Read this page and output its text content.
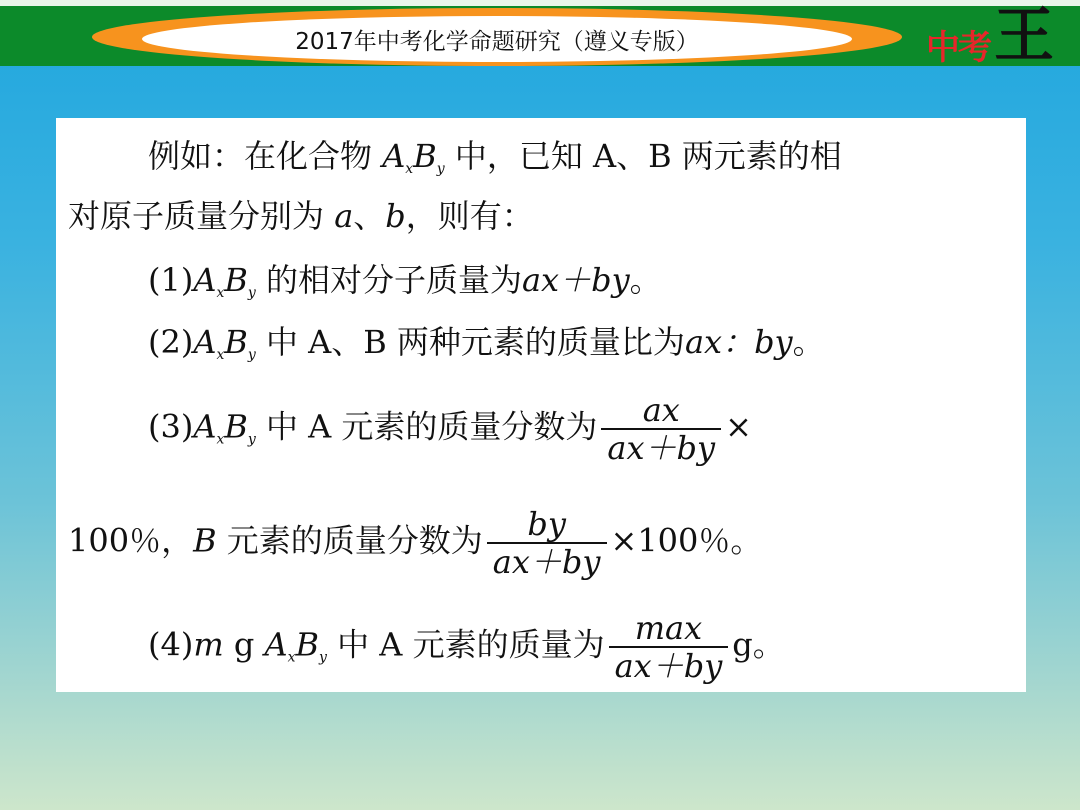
2017年中考化学命题研究（遵义专版）	中考 王
例如：在化合物 $A_xB_y$ 中，已知 A、B 两元素的相
对原子质量分别为 a、b，则有：
$(1)A_xB_y$ 的相对分子质量为ax＋by。
$(2)A_xB_y$ 中 A、B 两种元素的质量比为ax：by。
$(3)A_xB_y$ 中 A 元素的质量分数为 $\frac{ax}{ax+by}$ ×
100％，B 元素的质量分数为 $\frac{by}{ax+by} \times 100$％。
(4)m g $A_xB_y$ 中 A 元素的质量为 $\frac{\max}{ax+by}$ g。
